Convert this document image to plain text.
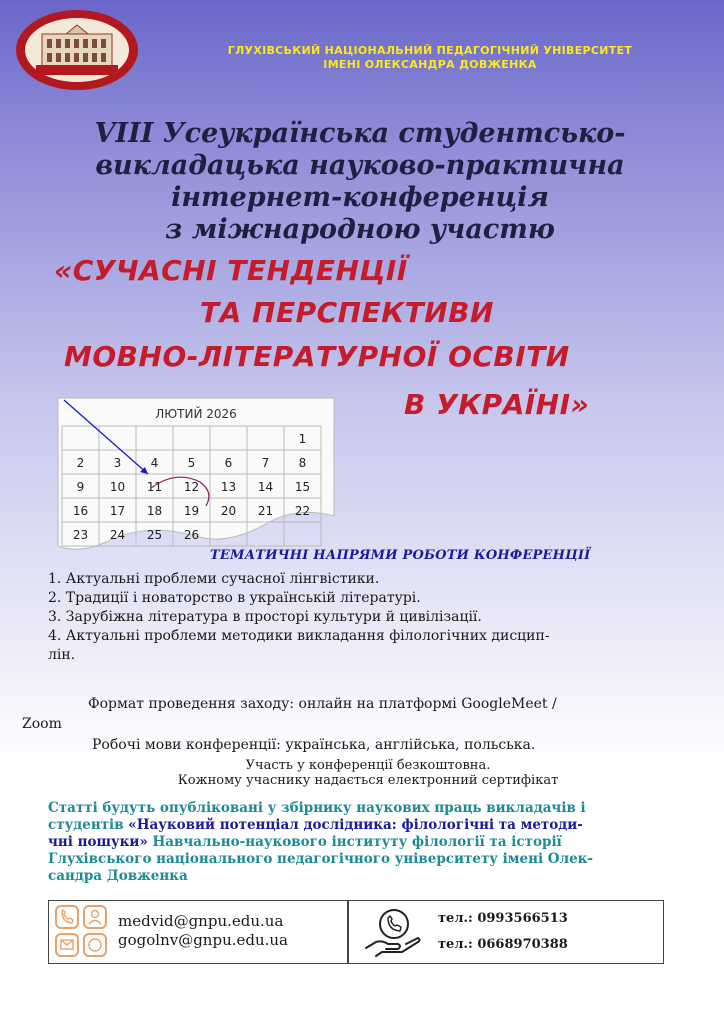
ГЛУХІВСЬКИЙ НАЦІОНАЛЬНИЙ ПЕДАГОГІЧНИЙ УНІВЕРСИТЕТ
ІМЕНІ ОЛЕКСАНДРА ДОВЖЕНКА
VIII Усеукраїнська студентсько-
викладацька науково-практична
інтернет-конференція
з міжнародною участю
«СУЧАСНІ ТЕНДЕНЦІЇ
ТА ПЕРСПЕКТИВИ
МОВНО-ЛІТЕРАТУРНОЇ ОСВІТИ
В УКРАЇНІ»
ЛЮТИЙ 2026
1
2 3 4 5 6 7 8
9 10 11 12 13 14 15
16 17 18 19 20 21 22
23 24 25 26
ТЕМАТИЧНІ НАПРЯМИ РОБОТИ КОНФЕРЕНЦІЇ
1. Актуальні проблеми сучасної лінгвістики.
2. Традиції і новаторство в українській літературі.
3. Зарубіжна література в просторі культури й цивілізації.
4. Актуальні проблеми методики викладання філологічних дисцип-
лін.
Формат проведення заходу: онлайн на платформі GoogleMeet /
Zoom
Робочі мови конференції: українська, англійська, польська.
Участь у конференції безкоштовна.
Кожному учаснику надається електронний сертифікат
Статті будуть опубліковані у збірнику наукових праць викладачів і
студентів «Науковий потенціал дослідника: філологічні та методи-
чні пошуки» Навчально-наукового інституту філології та історії
Глухівського національного педагогічного університету імені Олек-
сандра Довженка
medvid@gnpu.edu.ua
gogolnv@gnpu.edu.ua
тел.: 0993566513
тел.: 0668970388
